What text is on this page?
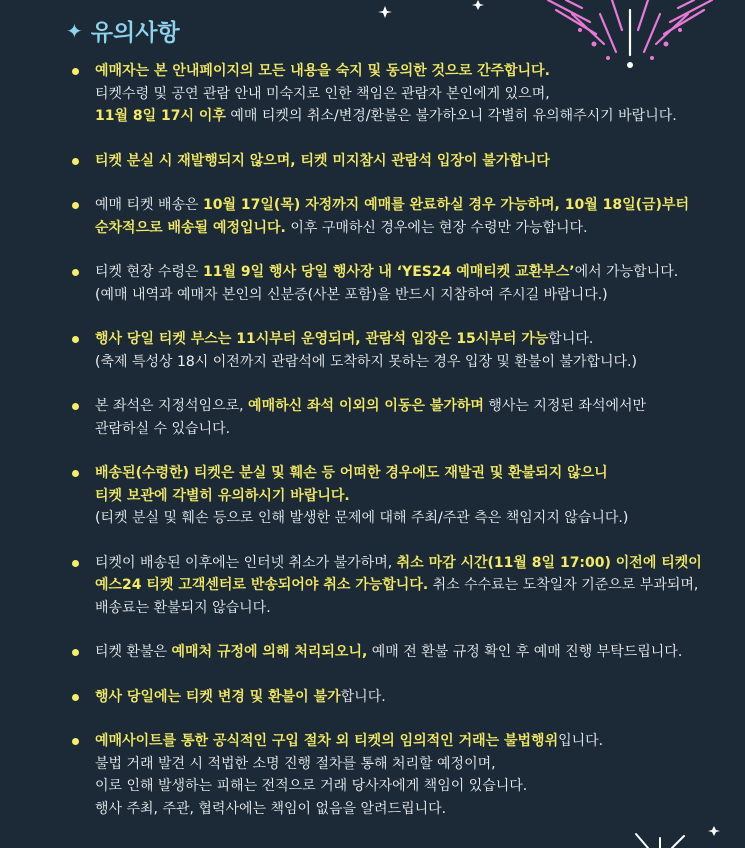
✦ 유의사항
예매자는 본 안내페이지의 모든 내용을 숙지 및 동의한 것으로 간주합니다.
티켓수령 및 공연 관람 안내 미숙지로 인한 책임은 관람자 본인에게 있으며,
11월 8일 17시 이후 예매 티켓의 취소/변경/환불은 불가하오니 각별히 유의해주시기 바랍니다.
티켓 분실 시 재발행되지 않으며, 티켓 미지참시 관람석 입장이 불가합니다
예매 티켓 배송은 10월 17일(목) 자정까지 예매를 완료하실 경우 가능하며, 10월 18일(금)부터
순차적으로 배송될 예정입니다. 이후 구매하신 경우에는 현장 수령만 가능합니다.
티켓 현장 수령은 11월 9일 행사 당일 행사장 내 ‘YES24 예매티켓 교환부스’에서 가능합니다.
(예매 내역과 예매자 본인의 신분증(사본 포함)을 반드시 지참하여 주시길 바랍니다.)
행사 당일 티켓 부스는 11시부터 운영되며, 관람석 입장은 15시부터 가능합니다.
(축제 특성상 18시 이전까지 관람석에 도착하지 못하는 경우 입장 및 환불이 불가합니다.)
본 좌석은 지정석임으로, 예매하신 좌석 이외의 이동은 불가하며 행사는 지정된 좌석에서만
관람하실 수 있습니다.
배송된(수령한) 티켓은 분실 및 훼손 등 어떠한 경우에도 재발권 및 환불되지 않으니
티켓 보관에 각별히 유의하시기 바랍니다.
(티켓 분실 및 훼손 등으로 인해 발생한 문제에 대해 주최/주관 측은 책임지지 않습니다.)
티켓이 배송된 이후에는 인터넷 취소가 불가하며, 취소 마감 시간(11월 8일 17:00) 이전에 티켓이
예스24 티켓 고객센터로 반송되어야 취소 가능합니다. 취소 수수료는 도착일자 기준으로 부과되며,
배송료는 환불되지 않습니다.
티켓 환불은 예매처 규정에 의해 처리되오니, 예매 전 환불 규정 확인 후 예매 진행 부탁드립니다.
행사 당일에는 티켓 변경 및 환불이 불가합니다.
예매사이트를 통한 공식적인 구입 절차 외 티켓의 임의적인 거래는 불법행위입니다.
불법 거래 발견 시 적법한 소명 진행 절차를 통해 처리할 예정이며,
이로 인해 발생하는 피해는 전적으로 거래 당사자에게 책임이 있습니다.
행사 주최, 주관, 협력사에는 책임이 없음을 알려드립니다.
